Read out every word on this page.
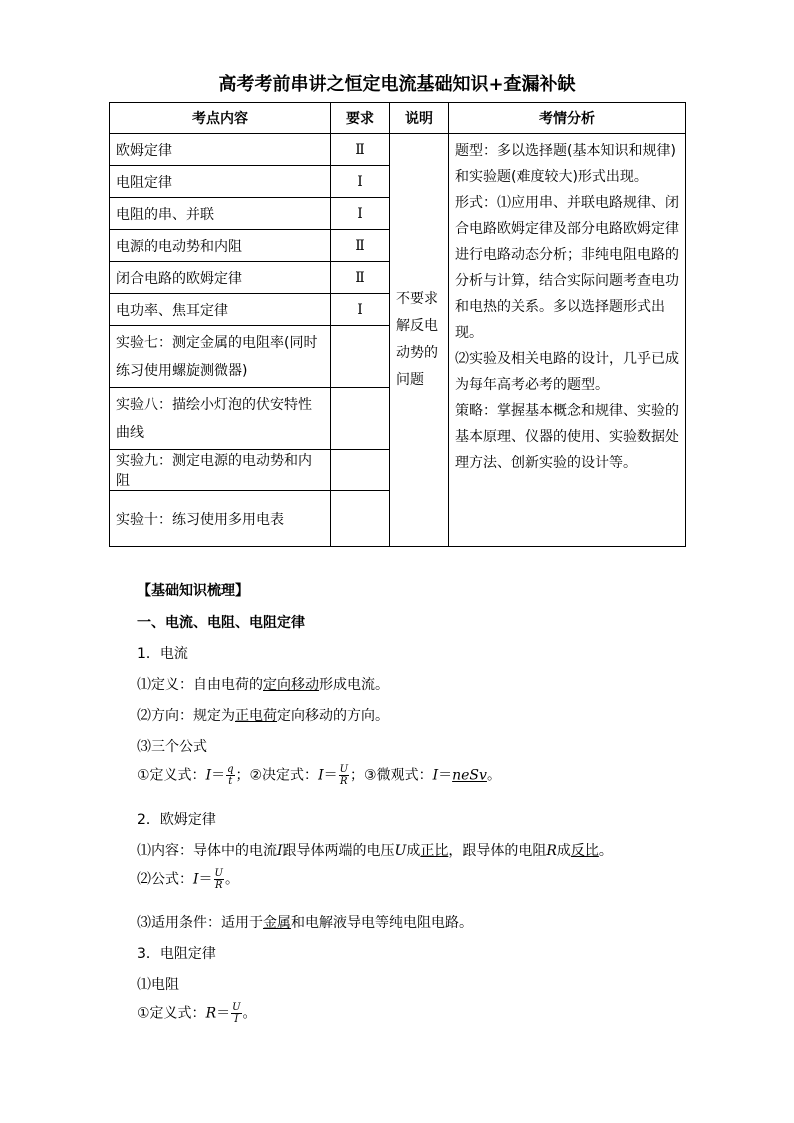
高考考前串讲之恒定电流基础知识+查漏补缺
考点内容	要求	说明	考情分析
欧姆定律	Ⅱ	不要求解反电动势的问题	题型：多以选择题(基本知识和规律)和实验题(难度较大)形式出现。
形式：⑴应用串、并联电路规律、闭合电路欧姆定律及部分电路欧姆定律进行电路动态分析；非纯电阻电路的分析与计算，结合实际问题考查电功和电热的关系。多以选择题形式出现。
⑵实验及相关电路的设计，几乎已成为每年高考必考的题型。
策略：掌握基本概念和规律、实验的基本原理、仪器的使用、实验数据处理方法、创新实验的设计等。

电阻定律	Ⅰ		
电阻的串、并联	Ⅰ		
电源的电动势和内阻	Ⅱ		
闭合电路的欧姆定律	Ⅱ		
电功率、焦耳定律	Ⅰ		
实验七：测定金属的电阻率(同时练习使用螺旋测微器)			
实验八：描绘小灯泡的伏安特性曲线			
实验九：测定电源的电动势和内阻			
实验十：练习使用多用电表			
【基础知识梳理】
一、电流、电阻、电阻定律
1．电流
⑴定义：自由电荷的定向移动形成电流。
⑵方向：规定为正电荷定向移动的方向。
⑶三个公式
①定义式：$I= \frac{q}{t}$ ；②决定式：$I= \frac{U}{R}$ ；③微观式：I＝neSv。
2．欧姆定律
⑴内容：导体中的电流I跟导体两端的电压U成正比，跟导体的电阻R成反比。
⑵公式：$I= \frac{U}{R}$ 。
⑶适用条件：适用于金属和电解液导电等纯电阻电路。
3．电阻定律
⑴电阻
①定义式：$R= \frac{U}{I}$ 。
